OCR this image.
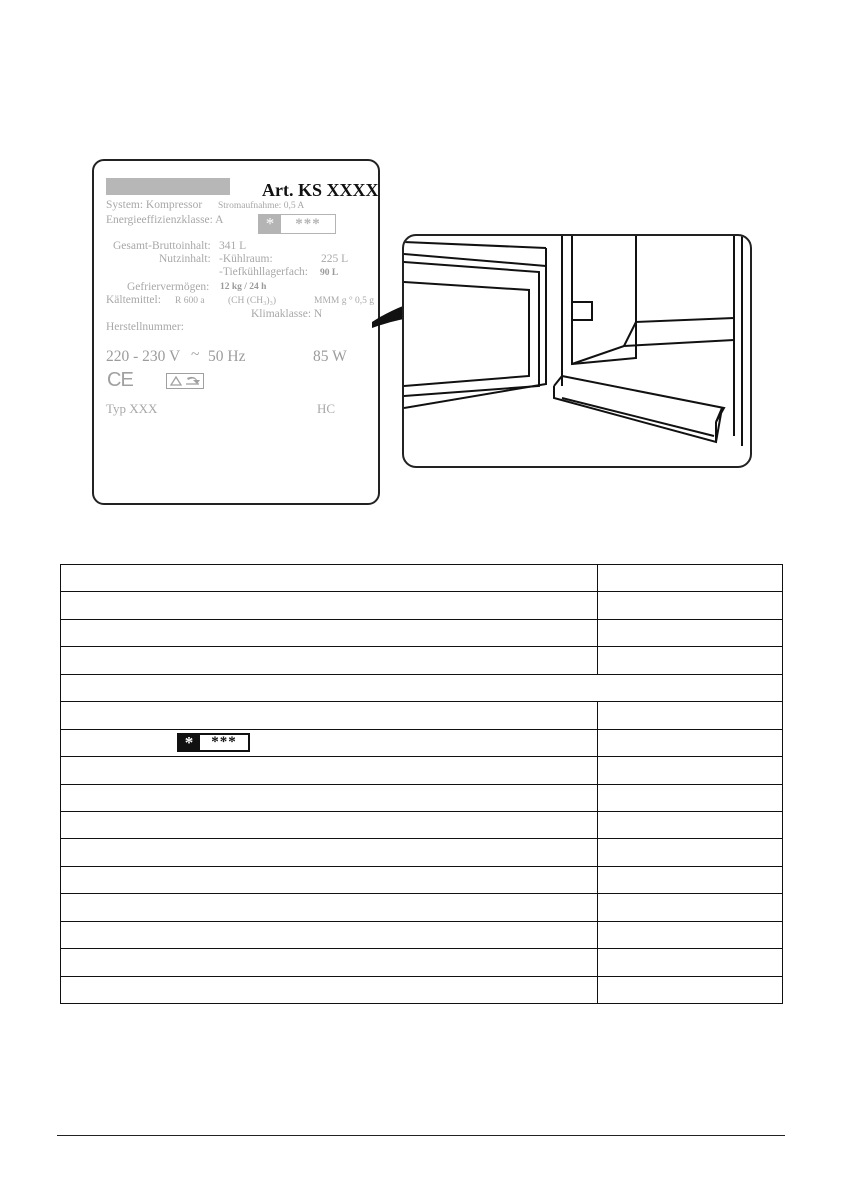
Art. KS XXXX
System: Kompressor Stromaufnahme: 0,5 A
Energieeffizienzklasse: A	*	***
Gesamt-Bruttoinhalt: 341 L
Nutzinhalt: -Kühlraum:	225 L
-Tiefkühllagerfach: 90 L
Gefriervermögen: 12 kg / 24 h
Kältemittel: R 600 a (CH (CH₃)₃)	MMM g ° 0,5 g
Klimaklasse: N
Herstellnummer:
220 - 230 V ~ 50 Hz	85 W
CE
Typ XXX	HC

* ***	
